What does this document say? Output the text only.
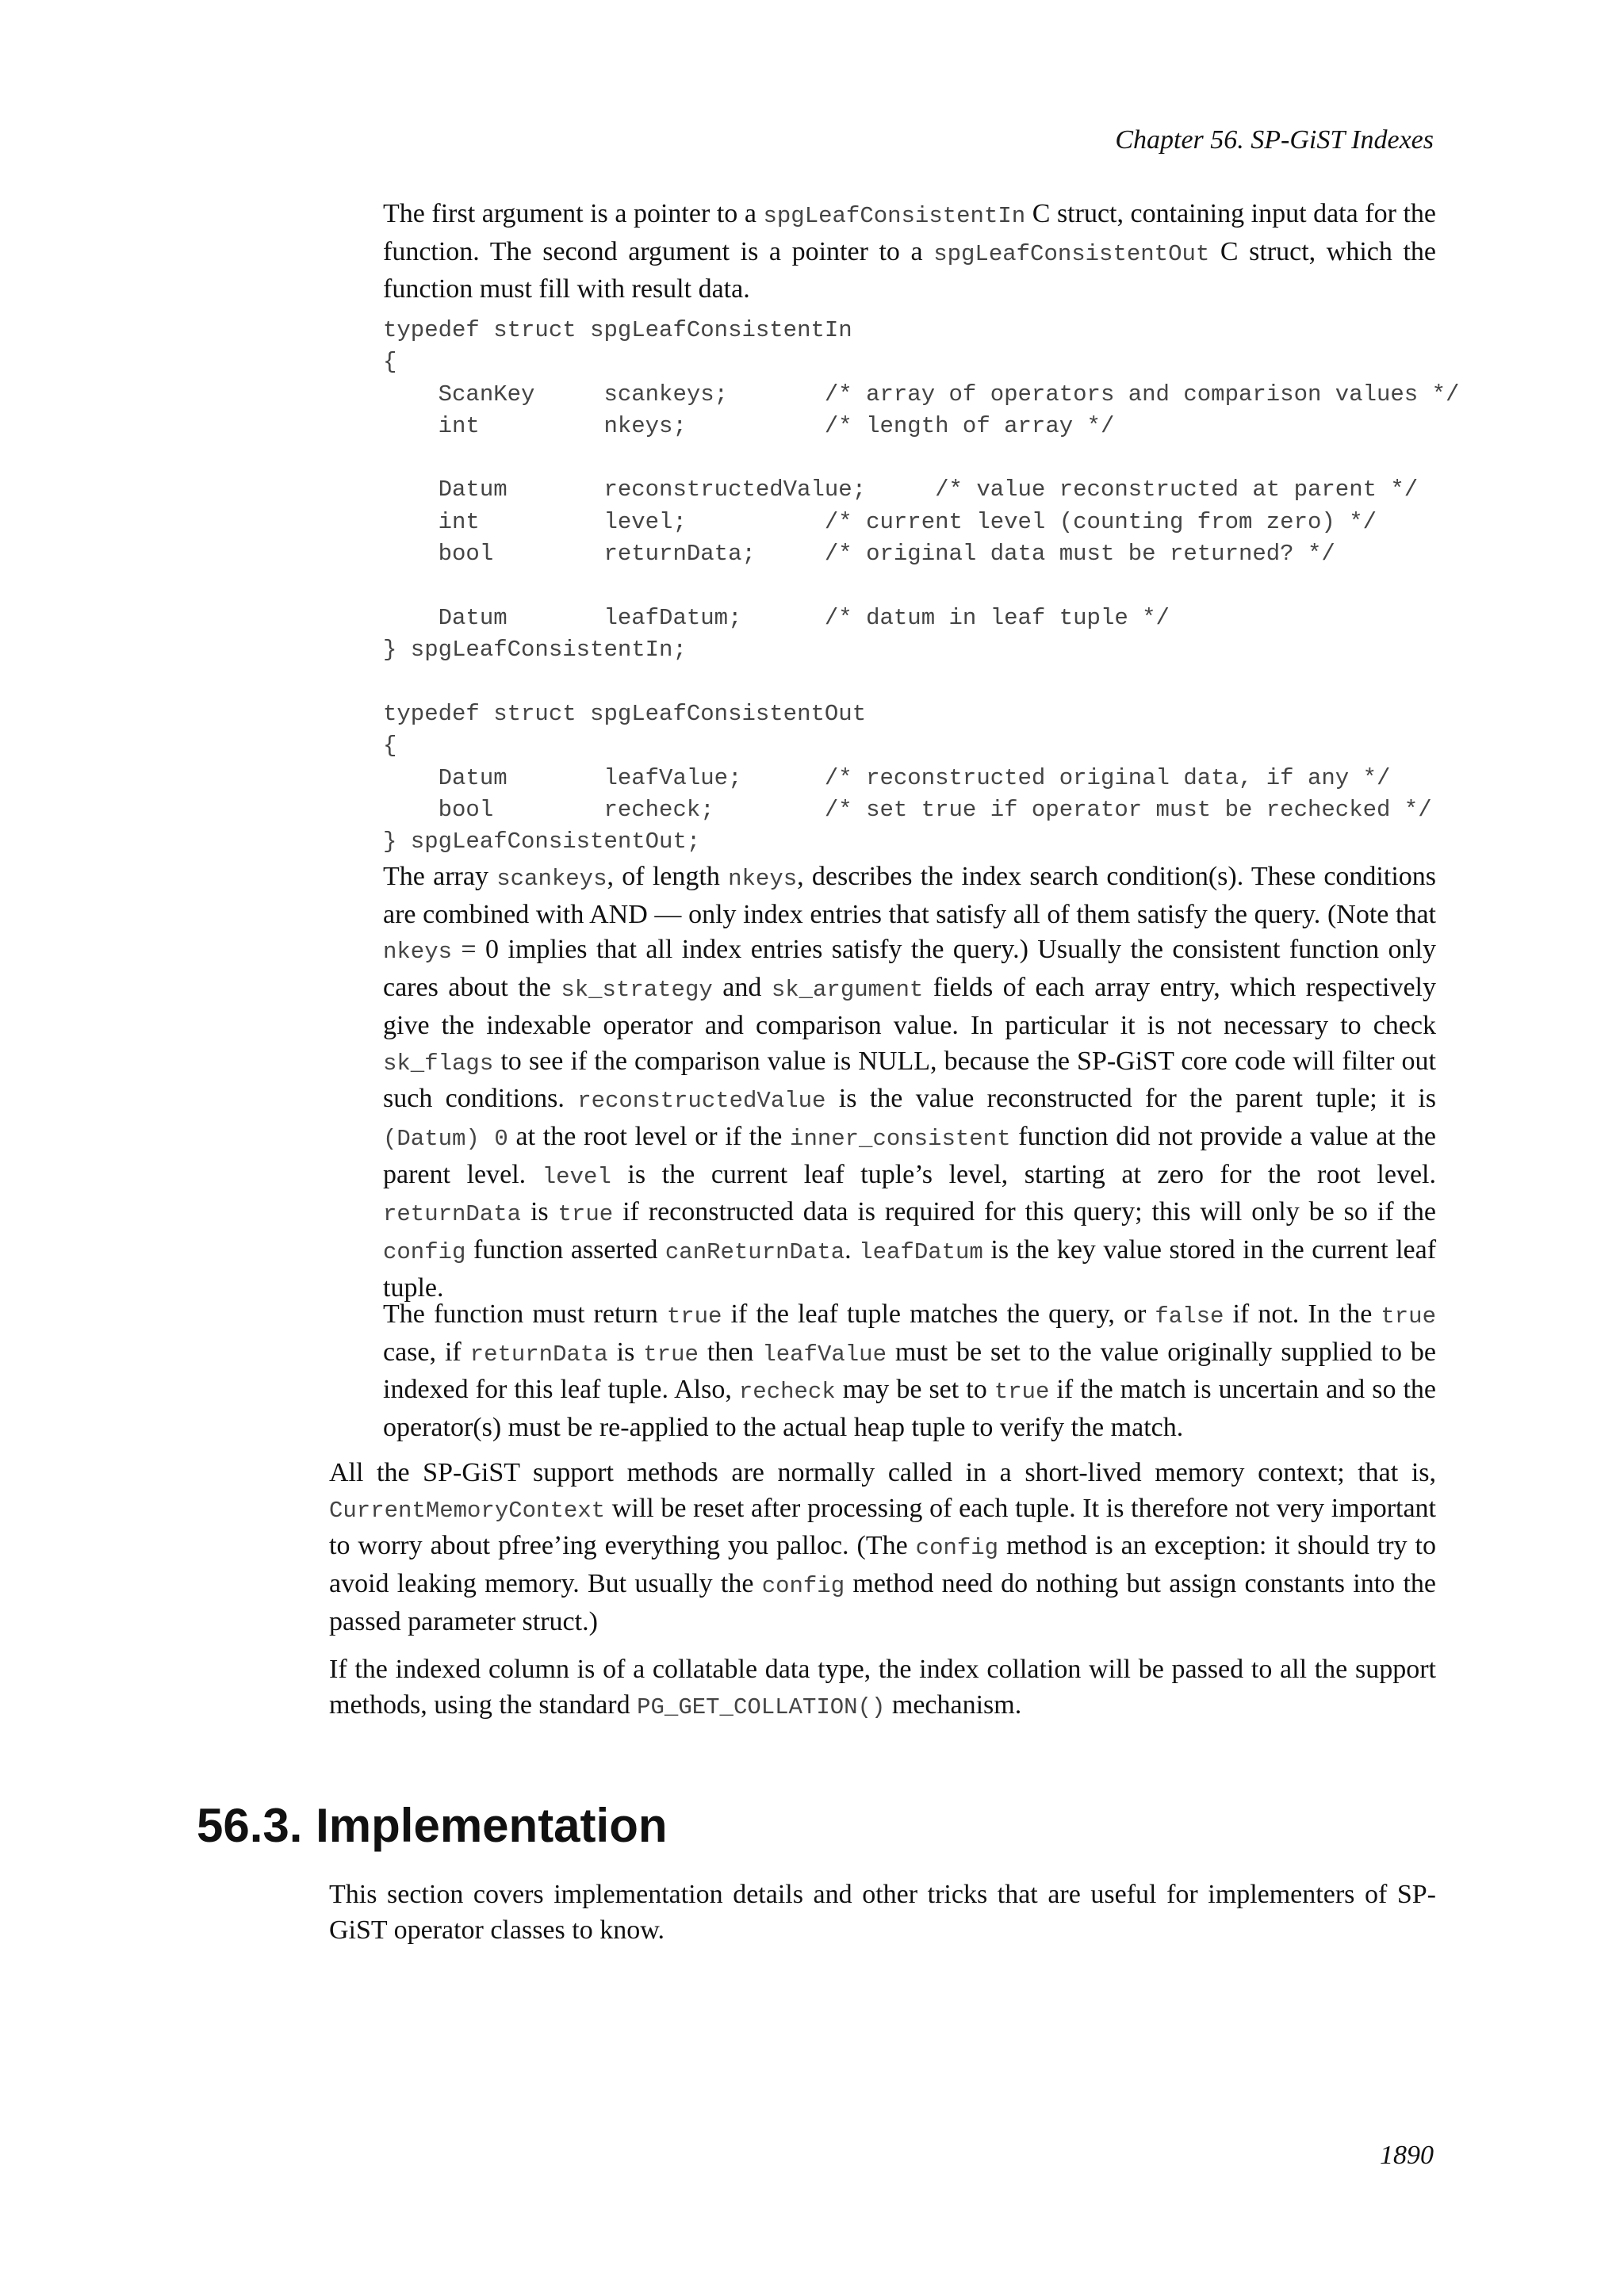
Chapter 56. SP-GiST Indexes
The first argument is a pointer to a spgLeafConsistentIn C struct, containing input data for the function. The second argument is a pointer to a spgLeafConsistentOut C struct, which the function must fill with result data.
typedef struct spgLeafConsistentIn
{
ScanKey     scankeys;       /* array of operators and comparison values */
int         nkeys;          /* length of array */

Datum       reconstructedValue;     /* value reconstructed at parent */
int         level;          /* current level (counting from zero) */
bool        returnData;     /* original data must be returned? */

Datum       leafDatum;      /* datum in leaf tuple */
} spgLeafConsistentIn;
typedef struct spgLeafConsistentOut
{
Datum       leafValue;      /* reconstructed original data, if any */
bool        recheck;        /* set true if operator must be rechecked */
} spgLeafConsistentOut;
The array scankeys, of length nkeys, describes the index search condition(s). These conditions are combined with AND — only index entries that satisfy all of them satisfy the query. (Note that nkeys = 0 implies that all index entries satisfy the query.) Usually the consistent function only cares about the sk_strategy and sk_argument fields of each array entry, which respectively give the indexable operator and comparison value. In particular it is not necessary to check sk_flags to see if the comparison value is NULL, because the SP-GiST core code will filter out such conditions. reconstructedValue is the value reconstructed for the parent tuple; it is (Datum) 0 at the root level or if the inner_consistent function did not provide a value at the parent level. level is the current leaf tuple’s level, starting at zero for the root level. returnData is true if reconstructed data is required for this query; this will only be so if the config function asserted canReturnData. leafDatum is the key value stored in the current leaf tuple.
The function must return true if the leaf tuple matches the query, or false if not. In the true case, if returnData is true then leafValue must be set to the value originally supplied to be indexed for this leaf tuple. Also, recheck may be set to true if the match is uncertain and so the operator(s) must be re-applied to the actual heap tuple to verify the match.
All the SP-GiST support methods are normally called in a short-lived memory context; that is, CurrentMemoryContext will be reset after processing of each tuple. It is therefore not very important to worry about pfree’ing everything you palloc. (The config method is an exception: it should try to avoid leaking memory. But usually the config method need do nothing but assign constants into the passed parameter struct.)
If the indexed column is of a collatable data type, the index collation will be passed to all the support methods, using the standard PG_GET_COLLATION() mechanism.
56.3. Implementation
This section covers implementation details and other tricks that are useful for implementers of SP-GiST operator classes to know.
1890
